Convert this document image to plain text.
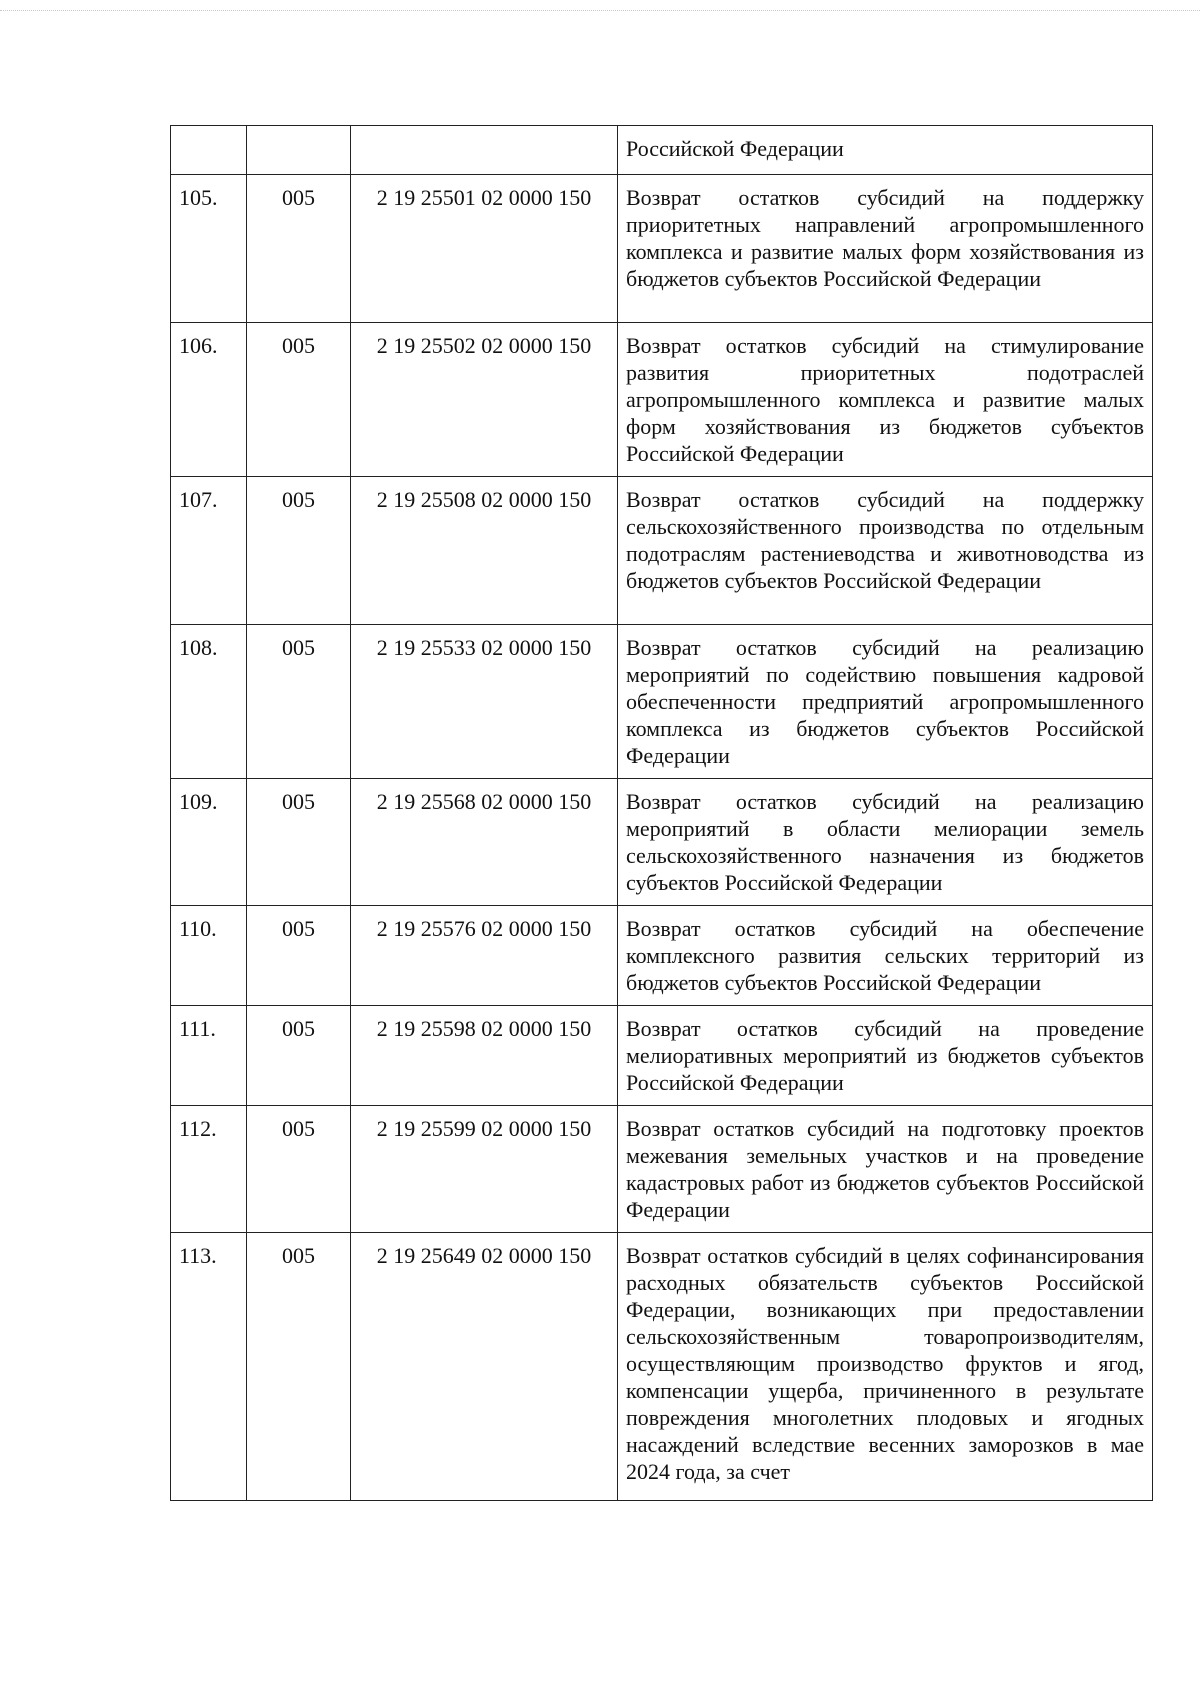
			Российской Федерации
105.	005	2 19 25501 02 0000 150	Возврат остатков субсидий на поддержку приоритетных направлений агропромышленного комплекса и развитие малых форм хозяйствования из бюджетов субъектов Российской Федерации
106.	005	2 19 25502 02 0000 150	Возврат остатков субсидий на стимулирование развития приоритетных подотраслей агропромышленного комплекса и развитие малых форм хозяйствования из бюджетов субъектов Российской Федерации
107.	005	2 19 25508 02 0000 150	Возврат остатков субсидий на поддержку сельскохозяйственного производства по отдельным подотраслям растениеводства и животноводства из бюджетов субъектов Российской Федерации
108.	005	2 19 25533 02 0000 150	Возврат остатков субсидий на реализацию мероприятий по содействию повышения кадровой обеспеченности предприятий агропромышленного комплекса из бюджетов субъектов Российской Федерации
109.	005	2 19 25568 02 0000 150	Возврат остатков субсидий на реализацию мероприятий в области мелиорации земель сельскохозяйственного назначения из бюджетов субъектов Российской Федерации
110.	005	2 19 25576 02 0000 150	Возврат остатков субсидий на обеспечение комплексного развития сельских территорий из бюджетов субъектов Российской Федерации
111.	005	2 19 25598 02 0000 150	Возврат остатков субсидий на проведение мелиоративных мероприятий из бюджетов субъектов Российской Федерации
112.	005	2 19 25599 02 0000 150	Возврат остатков субсидий на подготовку проектов межевания земельных участков и на проведение кадастровых работ из бюджетов субъектов Российской Федерации
113.	005	2 19 25649 02 0000 150	Возврат остатков субсидий в целях софинансирования расходных обязательств субъектов Российской Федерации, возникающих при предоставлении сельскохозяйственным товаропроизводителям, осуществляющим производство фруктов и ягод, компенсации ущерба, причиненного в результате повреждения многолетних плодовых и ягодных насаждений вследствие весенних заморозков в мае 2024 года, за счет
